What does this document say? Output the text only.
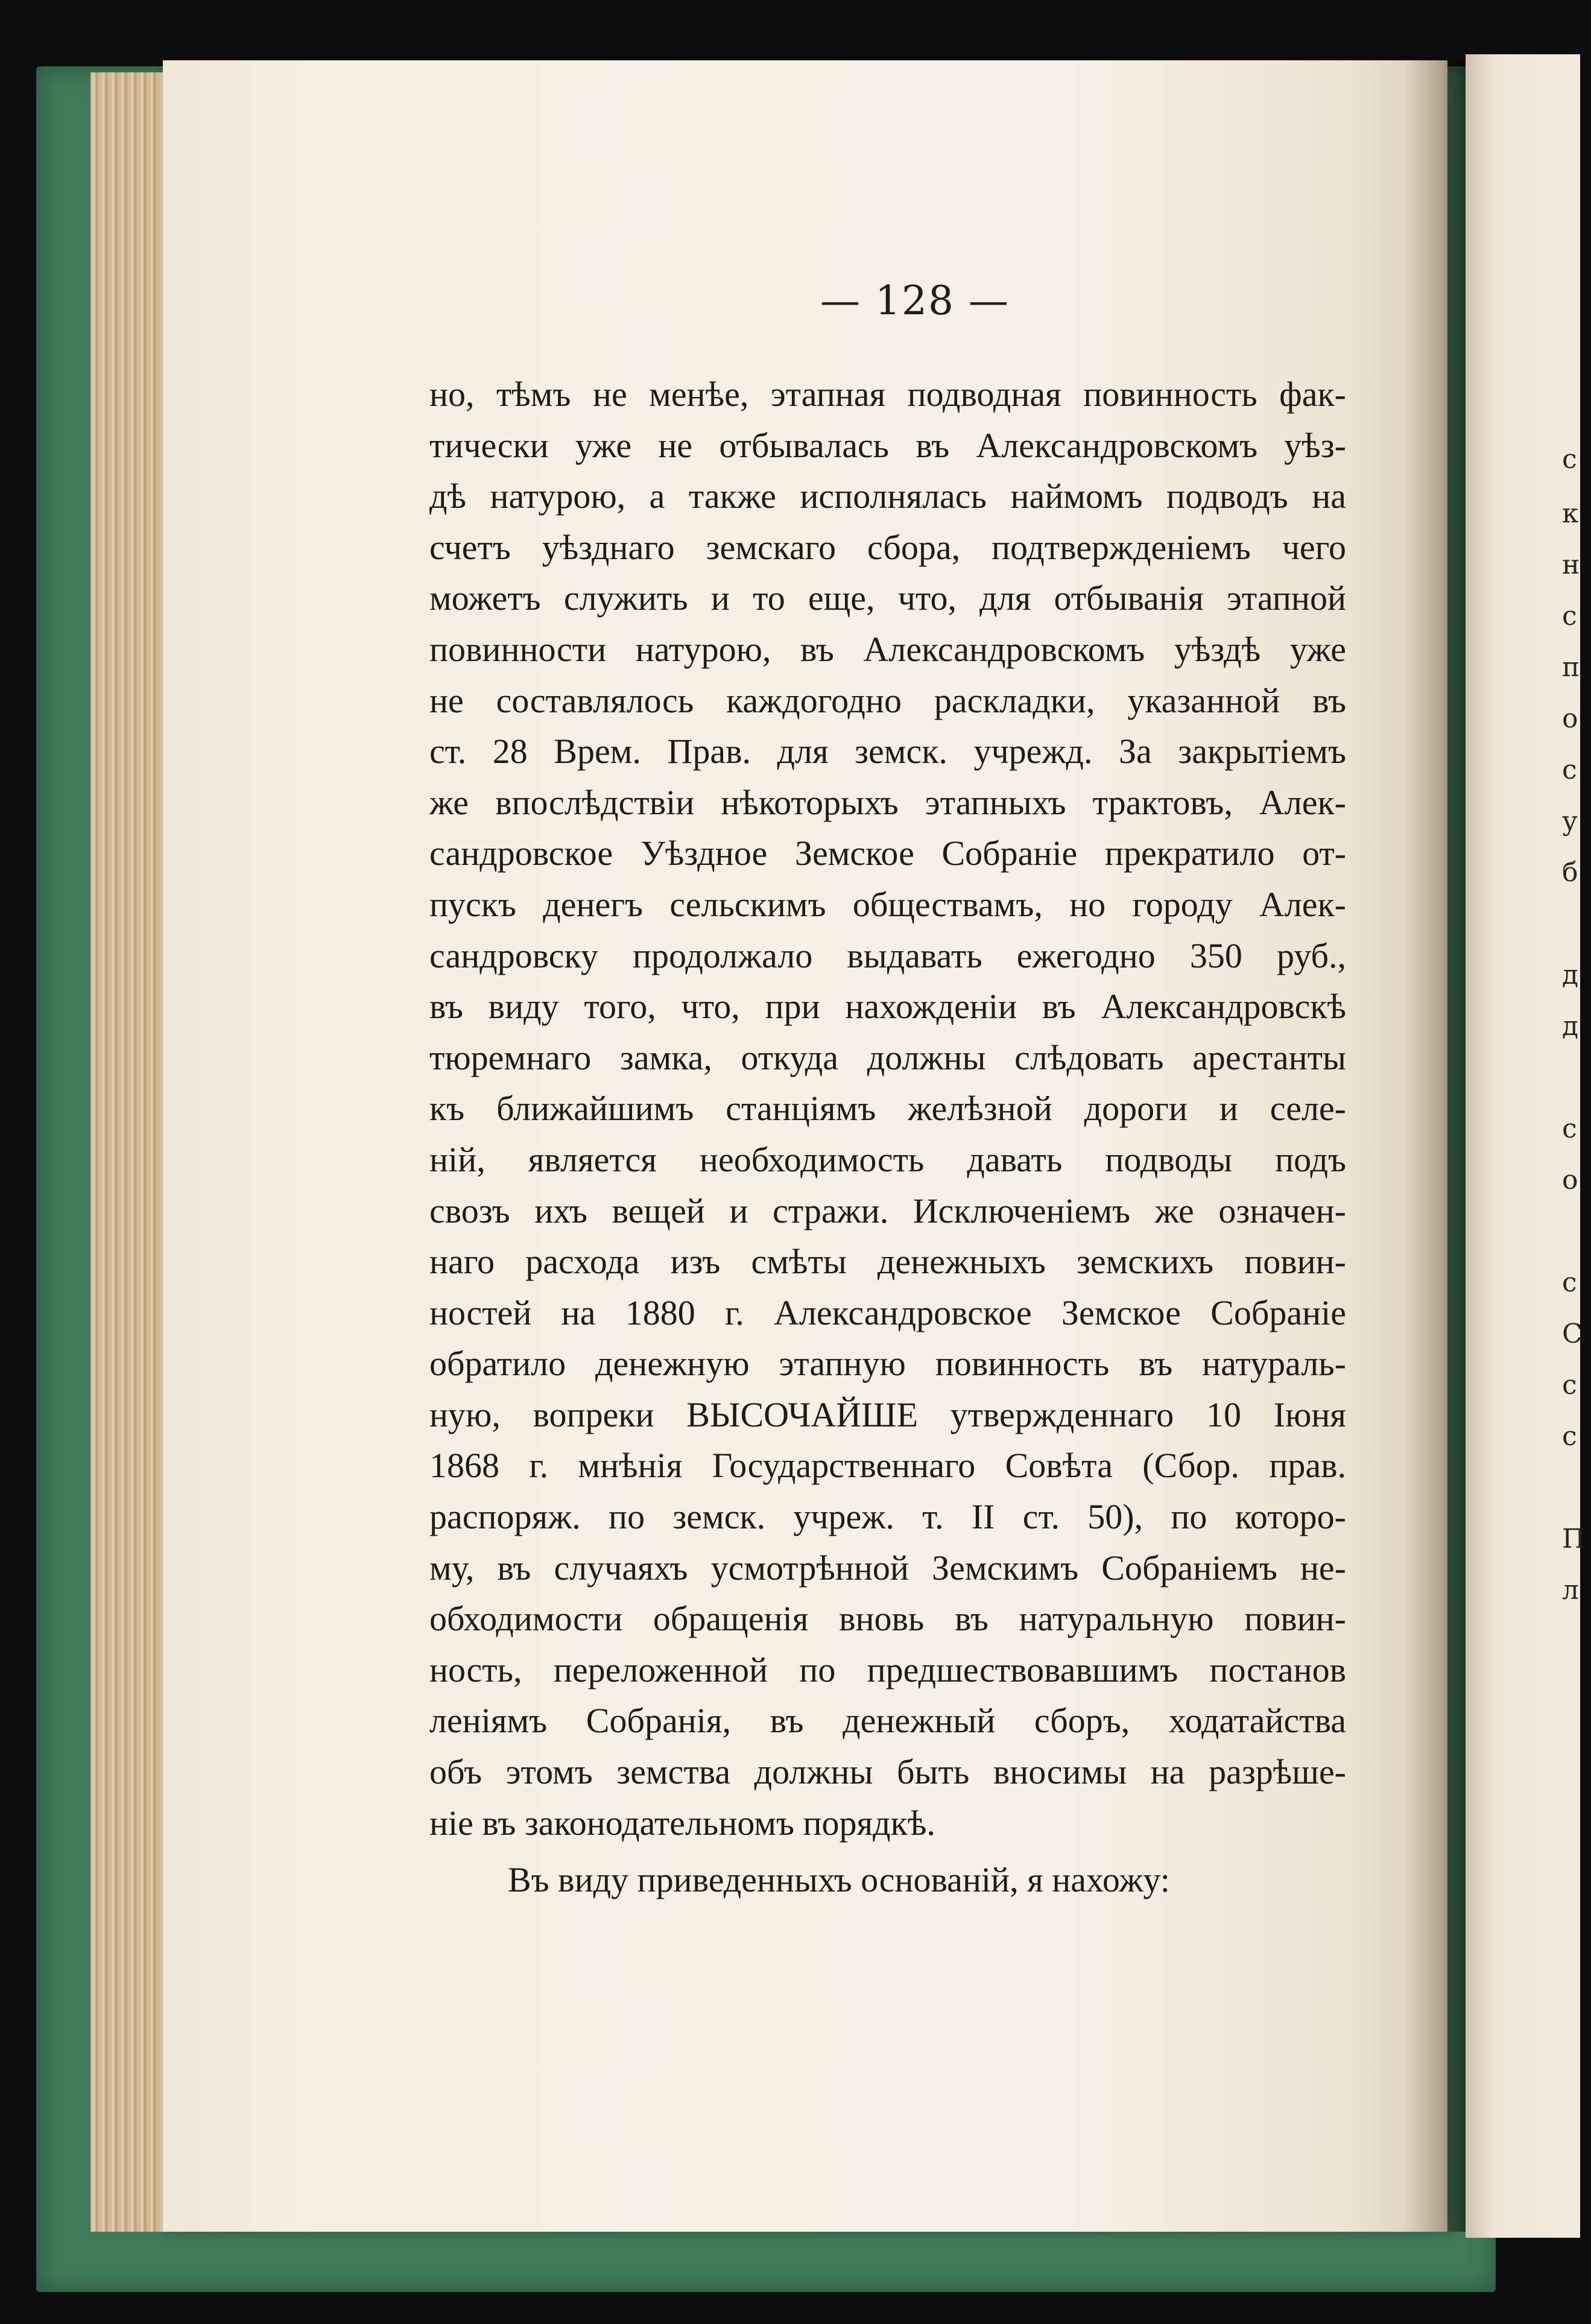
с
к
н
с
п
о
с
у
б
д
д
с
о
с
С
с
с
П
л
— 128 —
но, тѣмъ не менѣе, этапная подводная повинность фак-
тически уже не отбывалась въ Александровскомъ уѣз-
дѣ натурою, а также исполнялась наймомъ подводъ на
счетъ уѣзднаго земскаго сбора, подтвержденіемъ чего
можетъ служить и то еще, что, для отбыванія этапной
повинности натурою, въ Александровскомъ уѣздѣ уже
не составлялось каждогодно раскладки, указанной въ
ст. 28 Врем. Прав. для земск. учрежд. За закрытіемъ
же впослѣдствіи нѣкоторыхъ этапныхъ трактовъ, Алек-
сандровское Уѣздное Земское Собраніе прекратило от-
пускъ денегъ сельскимъ обществамъ, но городу Алек-
сандровску продолжало выдавать ежегодно 350 руб.,
въ виду того, что, при нахожденіи въ Александровскѣ
тюремнаго замка, откуда должны слѣдовать арестанты
къ ближайшимъ станціямъ желѣзной дороги и селе-
ній, является необходимость давать подводы подъ
свозъ ихъ вещей и стражи. Исключеніемъ же означен-
наго расхода изъ смѣты денежныхъ земскихъ повин-
ностей на 1880 г. Александровское Земское Собраніе
обратило денежную этапную повинность въ натураль-
ную, вопреки ВЫСОЧАЙШЕ утвержденнаго 10 Іюня
1868 г. мнѣнія Государственнаго Совѣта (Сбор. прав.
распоряж. по земск. учреж. т. II ст. 50), по которо-
му, въ случаяхъ усмотрѣнной Земскимъ Собраніемъ не-
обходимости обращенія вновь въ натуральную повин-
ность, переложенной по предшествовавшимъ постанов
леніямъ Собранія, въ денежный сборъ, ходатайства
объ этомъ земства должны быть вносимы на разрѣше-
ніе въ законодательномъ порядкѣ.
Въ виду приведенныхъ основаній, я нахожу:
